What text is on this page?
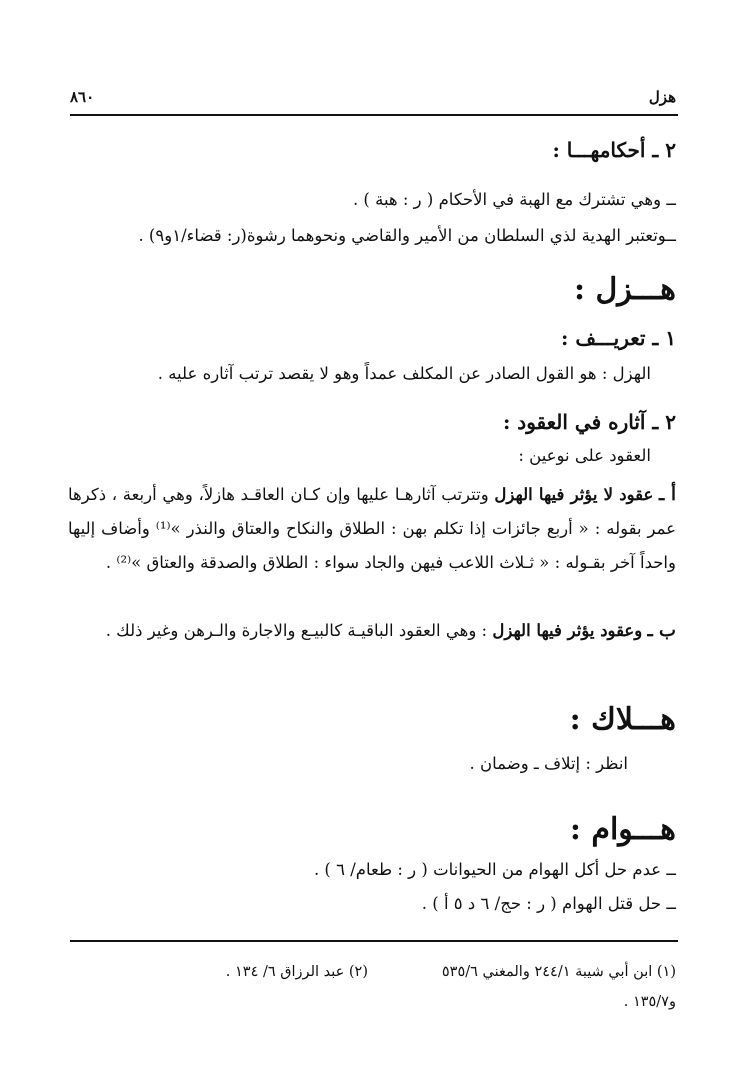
هزل
٨٦٠
٢ ـ أحكامهـــا :
ــ وهي تشترك مع الهبة في الأحكام ( ر : هبة ) .
ــوتعتبر الهدية لذي السلطان من الأمير والقاضي ونحوهما رشوة(ر: قضاء/١و٩) .
هـــزل :
١ ـ تعريـــف :
الهزل : هو القول الصادر عن المكلف عمداً وهو لا يقصد ترتب آثاره عليه .
٢ ـ آثاره في العقود :
العقود على نوعين :
أ ـ عقود لا يؤثر فيها الهزل وتترتب آثارهـا عليها وإن كـان العاقـد هازلاً، وهي أربعة ، ذكرها عمر بقوله : « أربع جائزات إذا تكلم بهن : الطلاق والنكاح والعتاق والنذر »⁽¹⁾ وأضاف إليها واحداً آخر بقـوله : « ثـلاث اللاعب فيهن والجاد سواء : الطلاق والصدقة والعتاق »⁽²⁾ .
ب ـ وعقود يؤثر فيها الهزل : وهي العقود الباقيـة كالبيـع والاجارة والـرهن وغير ذلك .
هـــلاك :
انظر : إتلاف ـ وضمان .
هـــوام :
ــ عدم حل أكل الهوام من الحيوانات ( ر : طعام/ ٦ ) .
ــ حل قتل الهوام ( ر : حج/ ٦ د ٥ أ ) .
(١) ابن أبي شيبة ٢٤٤/١ والمغني ٥٣٥/٦
(٢) عبد الرزاق ٦/ ١٣٤ .
و١٣٥/٧ .
